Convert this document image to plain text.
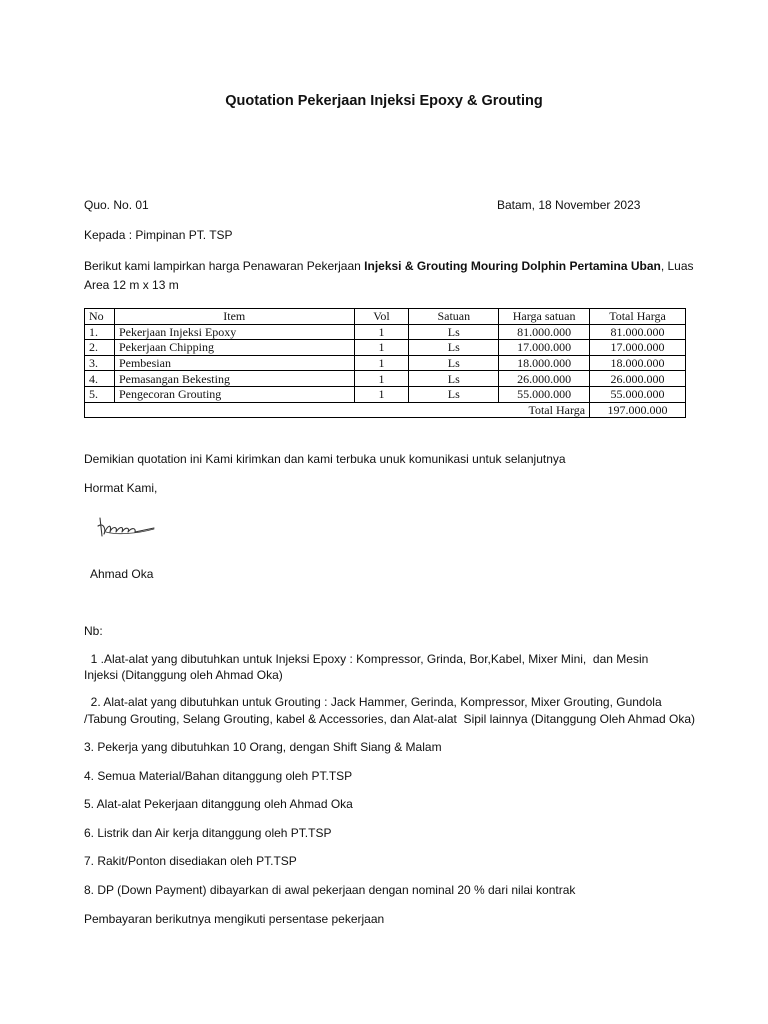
Quotation Pekerjaan Injeksi Epoxy & Grouting
Quo. No. 01	Batam, 18 November 2023
Kepada : Pimpinan PT. TSP
Berikut kami lampirkan harga Penawaran Pekerjaan Injeksi & Grouting Mouring Dolphin Pertamina Uban, Luas
Area 12 m x 13 m
No	Item	Vol	Satuan	Harga satuan	Total Harga
1.	Pekerjaan Injeksi Epoxy	1	Ls	81.000.000	81.000.000
2.	Pekerjaan Chipping	1	Ls	17.000.000	17.000.000
3.	Pembesian	1	Ls	18.000.000	18.000.000
4.	Pemasangan Bekesting	1	Ls	26.000.000	26.000.000
5.	Pengecoran Grouting	1	Ls	55.000.000	55.000.000
Total Harga					197.000.000
Demikian quotation ini Kami kirimkan dan kami terbuka unuk komunikasi untuk selanjutnya
Hormat Kami,
Ahmad Oka
Nb:
1 .Alat-alat yang dibutuhkan untuk Injeksi Epoxy : Kompressor, Grinda, Bor,Kabel, Mixer Mini,  dan Mesin
Injeksi (Ditanggung oleh Ahmad Oka)
2. Alat-alat yang dibutuhkan untuk Grouting : Jack Hammer, Gerinda, Kompressor, Mixer Grouting, Gundola
/Tabung Grouting, Selang Grouting, kabel & Accessories, dan Alat-alat  Sipil lainnya (Ditanggung Oleh Ahmad Oka)
3. Pekerja yang dibutuhkan 10 Orang, dengan Shift Siang & Malam
4. Semua Material/Bahan ditanggung oleh PT.TSP
5. Alat-alat Pekerjaan ditanggung oleh Ahmad Oka
6. Listrik dan Air kerja ditanggung oleh PT.TSP
7. Rakit/Ponton disediakan oleh PT.TSP
8. DP (Down Payment) dibayarkan di awal pekerjaan dengan nominal 20 % dari nilai kontrak
Pembayaran berikutnya mengikuti persentase pekerjaan
